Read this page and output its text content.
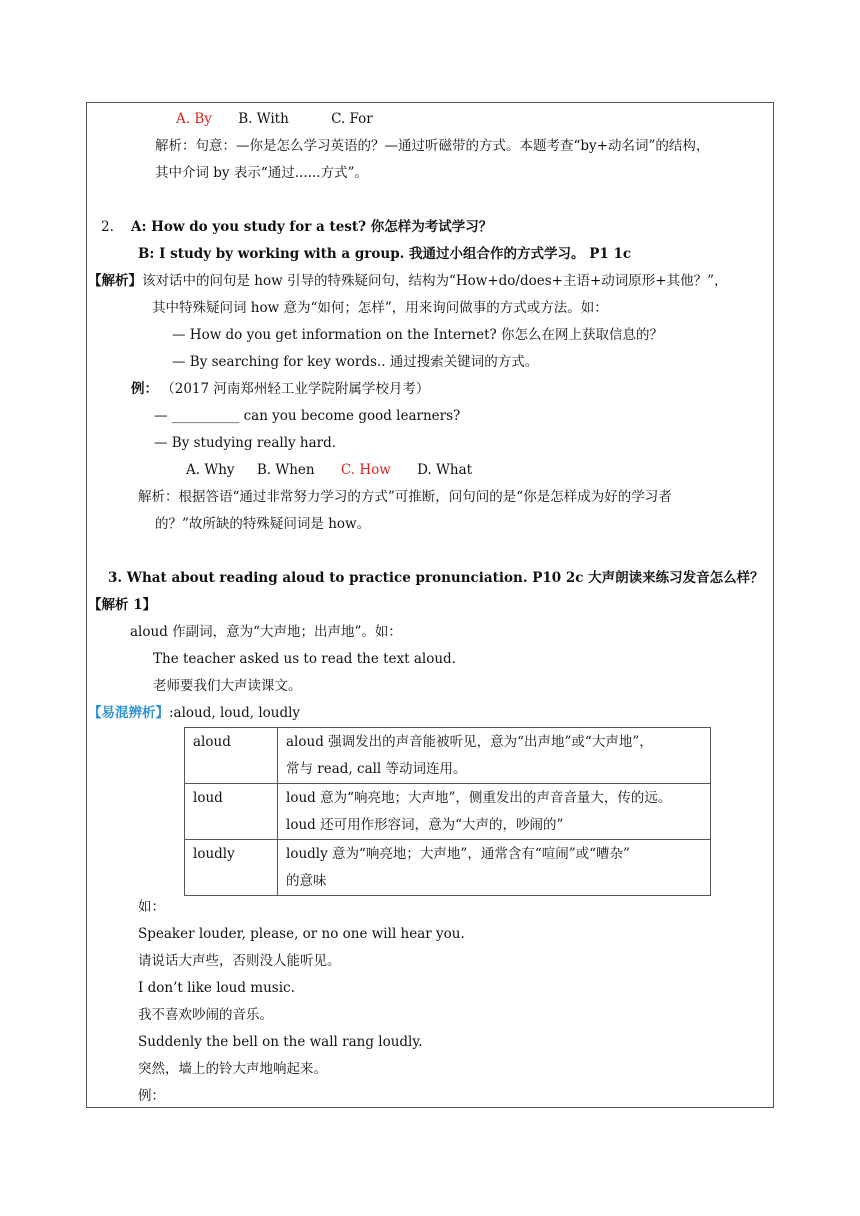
A. By B. With	C. For
解析：句意：—你是怎么学习英语的？—通过听磁带的方式。本题考查“by+动名词”的结构，
其中介词 by 表示“通过......方式”。
2. A: How do you study for a test? 你怎样为考试学习？
B: I study by working with a group. 我通过小组合作的方式学习。 P1 1c
【解析】该对话中的问句是 how 引导的特殊疑问句，结构为“How+do/does+主语+动词原形+其他？”，
其中特殊疑问词 how 意为“如何；怎样”，用来询问做事的方式或方法。如：
— How do you get information on the Internet? 你怎么在网上获取信息的？
— By searching for key words.. 通过搜索关键词的方式。
例： （2017 河南郑州轻工业学院附属学校月考）
— __________ can you become good learners?
— By studying really hard.
A. Why B. When C. How D. What
解析：根据答语“通过非常努力学习的方式”可推断，问句问的是“你是怎样成为好的学习者
的？”故所缺的特殊疑问词是 how。
3. What about reading aloud to practice pronunciation. P10 2c 大声朗读来练习发音怎么样？
【解析 1】
aloud 作副词，意为“大声地；出声地”。如：
The teacher asked us to read the text aloud.
老师要我们大声读课文。
【易混辨析】:aloud, loud, loudly
aloud	aloud 强调发出的声音能被听见，意为“出声地”或“大声地”，
常与 read, call 等动词连用。

loud	loud 意为“响亮地；大声地”，侧重发出的声音音量大，传的远。
loud 还可用作形容词，意为“大声的，吵闹的”

loudly	loudly 意为“响亮地；大声地”，通常含有“喧闹”或“嘈杂”
的意味
如：
Speaker louder, please, or no one will hear you.
请说话大声些，否则没人能听见。
I don’t like loud music.
我不喜欢吵闹的音乐。
Suddenly the bell on the wall rang loudly.
突然，墙上的铃大声地响起来。
例：
